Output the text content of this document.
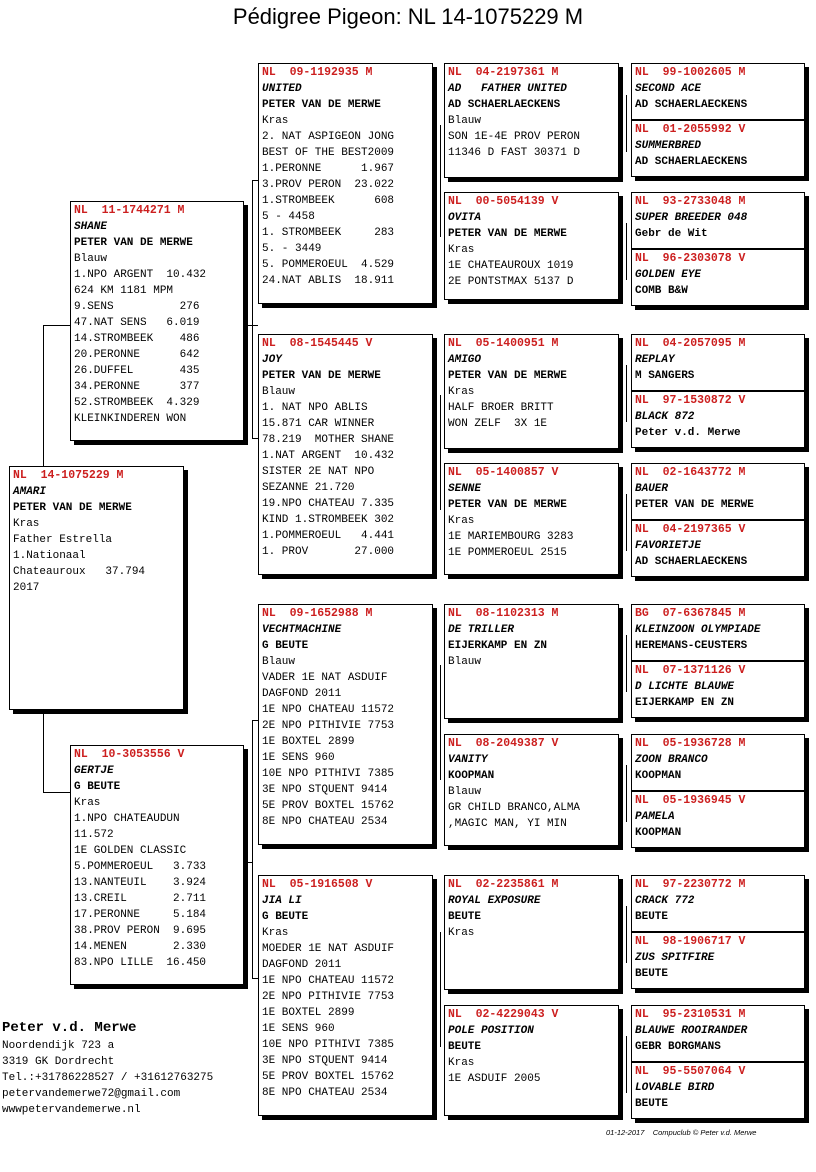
Pédigree Pigeon: NL 14-1075229 M
NL  14-1075229 M
AMARI
PETER VAN DE MERWE
Kras
Father Estrella
1.Nationaal
Chateauroux   37.794
2017
NL  11-1744271 M
SHANE
PETER VAN DE MERWE
Blauw
1.NPO ARGENT  10.432
624 KM 1181 MPM
9.SENS          276
47.NAT SENS   6.019
14.STROMBEEK    486
20.PERONNE      642
26.DUFFEL       435
34.PERONNE      377
52.STROMBEEK  4.329
KLEINKINDEREN WON
NL  10-3053556 V
GERTJE
G BEUTE
Kras
1.NPO CHATEAUDUN
11.572
1E GOLDEN CLASSIC
5.POMMEROEUL   3.733
13.NANTEUIL    3.924
13.CREIL       2.711
17.PERONNE     5.184
38.PROV PERON  9.695
14.MENEN       2.330
83.NPO LILLE  16.450
NL  09-1192935 M
UNITED
PETER VAN DE MERWE
Kras
2. NAT ASPIGEON JONG
BEST OF THE BEST2009
1.PERONNE      1.967
3.PROV PERON  23.022
1.STROMBEEK      608
5 - 4458
1. STROMBEEK     283
5. - 3449
5. POMMEROEUL  4.529
24.NAT ABLIS  18.911
NL  08-1545445 V
JOY
PETER VAN DE MERWE
Blauw
1. NAT NPO ABLIS
15.871 CAR WINNER
78.219  MOTHER SHANE
1.NAT ARGENT  10.432
SISTER 2E NAT NPO
SEZANNE 21.720
19.NPO CHATEAU 7.335
KIND 1.STROMBEEK 302
1.POMMEROEUL   4.441
1. PROV       27.000
NL  09-1652988 M
VECHTMACHINE
G BEUTE
Blauw
VADER 1E NAT ASDUIF
DAGFOND 2011
1E NPO CHATEAU 11572
2E NPO PITHIVIE 7753
1E BOXTEL 2899
1E SENS 960
10E NPO PITHIVI 7385
3E NPO STQUENT 9414
5E PROV BOXTEL 15762
8E NPO CHATEAU 2534
NL  05-1916508 V
JIA LI
G BEUTE
Kras
MOEDER 1E NAT ASDUIF
DAGFOND 2011
1E NPO CHATEAU 11572
2E NPO PITHIVIE 7753
1E BOXTEL 2899
1E SENS 960
10E NPO PITHIVI 7385
3E NPO STQUENT 9414
5E PROV BOXTEL 15762
8E NPO CHATEAU 2534
NL  04-2197361 M
AD   FATHER UNITED
AD SCHAERLAECKENS
Blauw
SON 1E-4E PROV PERON
11346 D FAST 30371 D
NL  00-5054139 V
OVITA
PETER VAN DE MERWE
Kras
1E CHATEAUROUX 1019
2E PONTSTMAX 5137 D
NL  05-1400951 M
AMIGO
PETER VAN DE MERWE
Kras
HALF BROER BRITT
WON ZELF  3X 1E
NL  05-1400857 V
SENNE
PETER VAN DE MERWE
Kras
1E MARIEMBOURG 3283
1E POMMEROEUL 2515
NL  08-1102313 M
DE TRILLER
EIJERKAMP EN ZN
Blauw
NL  08-2049387 V
VANITY
KOOPMAN
Blauw
GR CHILD BRANCO,ALMA
,MAGIC MAN, YI MIN
NL  02-2235861 M
ROYAL EXPOSURE
BEUTE
Kras
NL  02-4229043 V
POLE POSITION
BEUTE
Kras
1E ASDUIF 2005
NL  99-1002605 M
SECOND ACE
AD SCHAERLAECKENS
NL  01-2055992 V
SUMMERBRED
AD SCHAERLAECKENS
NL  93-2733048 M
SUPER BREEDER 048
Gebr de Wit
NL  96-2303078 V
GOLDEN EYE
COMB B&W
NL  04-2057095 M
REPLAY
M SANGERS
NL  97-1530872 V
BLACK 872
Peter v.d. Merwe
NL  02-1643772 M
BAUER
PETER VAN DE MERWE
NL  04-2197365 V
FAVORIETJE
AD SCHAERLAECKENS
BG  07-6367845 M
KLEINZOON OLYMPIADE
HEREMANS-CEUSTERS
NL  07-1371126 V
D LICHTE BLAUWE
EIJERKAMP EN ZN
NL  05-1936728 M
ZOON BRANCO
KOOPMAN
NL  05-1936945 V
PAMELA
KOOPMAN
NL  97-2230772 M
CRACK 772
BEUTE
NL  98-1906717 V
ZUS SPITFIRE
BEUTE
NL  95-2310531 M
BLAUWE ROOIRANDER
GEBR BORGMANS
NL  95-5507064 V
LOVABLE BIRD
BEUTE
Peter v.d. Merwe
Noordendijk 723 a
3319 GK Dordrecht
Tel.:+31786228527 / +31612763275
petervandemerwe72@gmail.com
wwwpetervandemerwe.nl
01-12-2017 Compuclub © Peter v.d. Merwe
